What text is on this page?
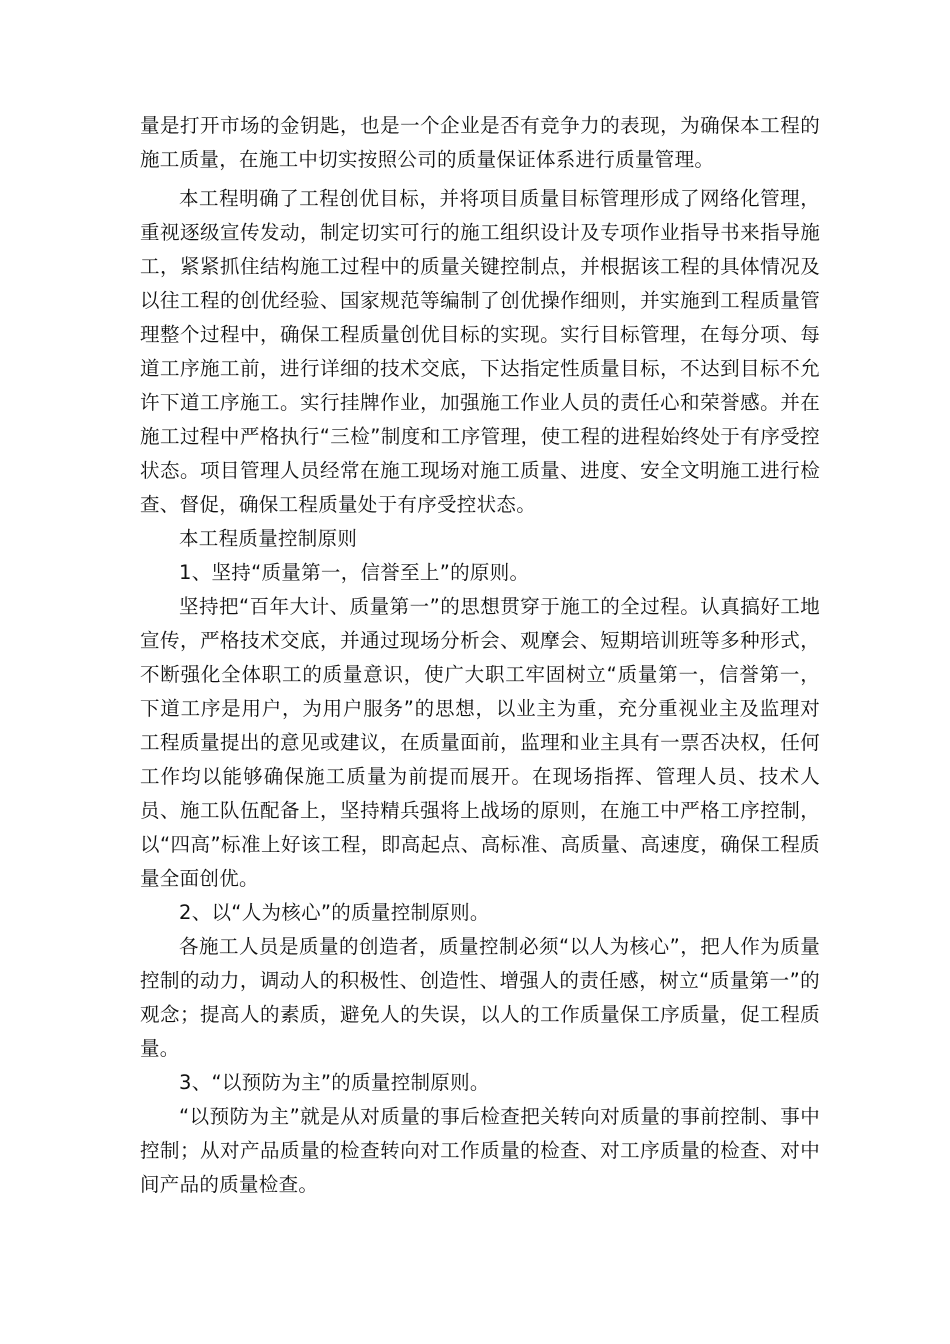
量是打开市场的金钥匙，也是一个企业是否有竞争力的表现，为确保本工程的施工质量，在施工中切实按照公司的质量保证体系进行质量管理。

本工程明确了工程创优目标，并将项目质量目标管理形成了网络化管理，重视逐级宣传发动，制定切实可行的施工组织设计及专项作业指导书来指导施工，紧紧抓住结构施工过程中的质量关键控制点，并根据该工程的具体情况及以往工程的创优经验、国家规范等编制了创优操作细则，并实施到工程质量管理整个过程中，确保工程质量创优目标的实现。实行目标管理，在每分项、每道工序施工前，进行详细的技术交底，下达指定性质量目标，不达到目标不允许下道工序施工。实行挂牌作业，加强施工作业人员的责任心和荣誉感。并在施工过程中严格执行“三检”制度和工序管理，使工程的进程始终处于有序受控状态。项目管理人员经常在施工现场对施工质量、进度、安全文明施工进行检查、督促，确保工程质量处于有序受控状态。

本工程质量控制原则

1、坚持“质量第一，信誉至上”的原则。

坚持把“百年大计、质量第一”的思想贯穿于施工的全过程。认真搞好工地宣传，严格技术交底，并通过现场分析会、观摩会、短期培训班等多种形式，不断强化全体职工的质量意识，使广大职工牢固树立“质量第一，信誉第一，下道工序是用户，为用户服务”的思想，以业主为重，充分重视业主及监理对工程质量提出的意见或建议，在质量面前，监理和业主具有一票否决权，任何工作均以能够确保施工质量为前提而展开。在现场指挥、管理人员、技术人员、施工队伍配备上，坚持精兵强将上战场的原则，在施工中严格工序控制，以“四高”标准上好该工程，即高起点、高标准、高质量、高速度，确保工程质量全面创优。

2、以“人为核心”的质量控制原则。

各施工人员是质量的创造者，质量控制必须“以人为核心”，把人作为质量控制的动力，调动人的积极性、创造性、增强人的责任感，树立“质量第一”的观念；提高人的素质，避免人的失误，以人的工作质量保工序质量，促工程质量。

3、“以预防为主”的质量控制原则。

“以预防为主”就是从对质量的事后检查把关转向对质量的事前控制、事中控制；从对产品质量的检查转向对工作质量的检查、对工序质量的检查、对中间产品的质量检查。
